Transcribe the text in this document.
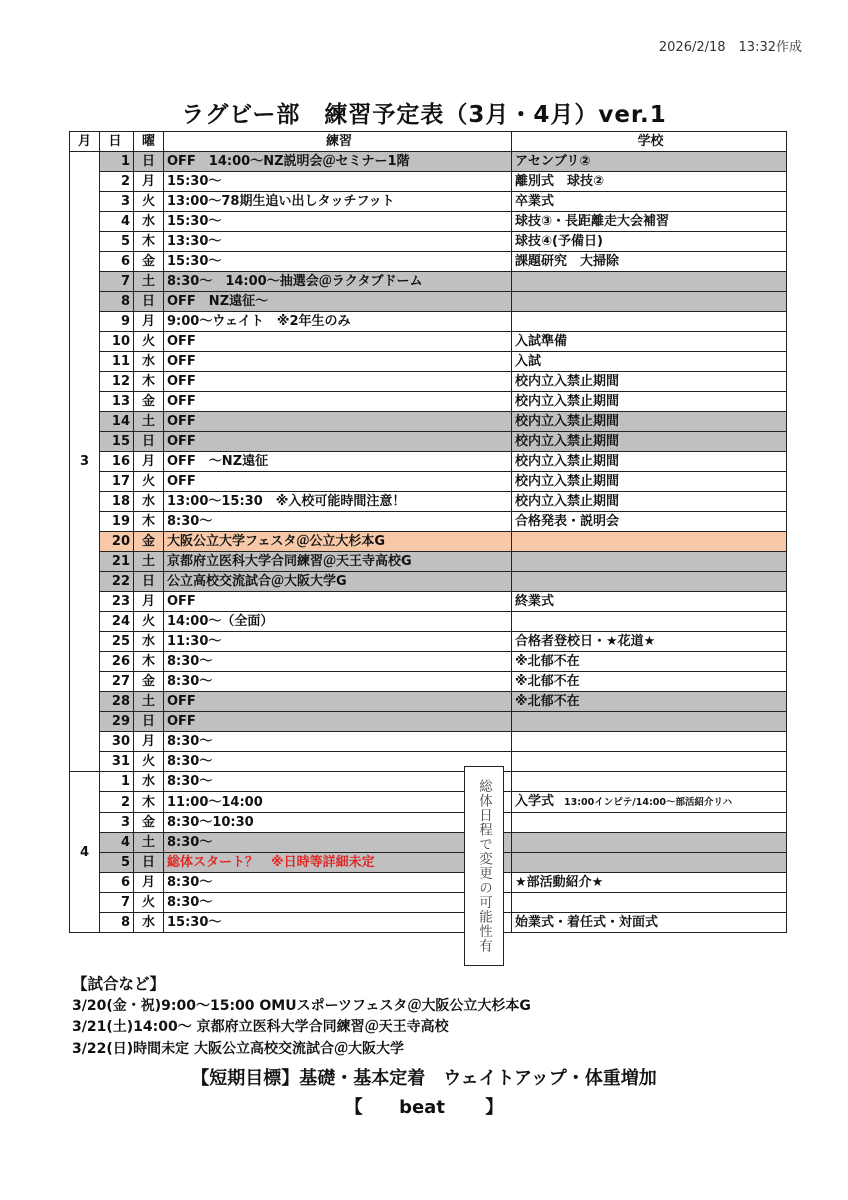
2026/2/18　13:32作成
ラグビー部　練習予定表（3月・4月）ver.1
月	日	曜	練習	学校
3	1	日	OFF　14:00～NZ説明会＠セミナー1階	アセンブリ②
	2	月	15:30～	離別式　球技②
	3	火	13:00～78期生追い出しタッチフット	卒業式
	4	水	15:30～	球技③・長距離走大会補習
	5	木	13:30～	球技④(予備日)
	6	金	15:30～	課題研究　大掃除
	7	土	8:30～　14:00～抽選会＠ラクタブドーム	
	8	日	OFF　NZ遠征～	
	9	月	9:00～ウェイト　※2年生のみ	
	10	火	OFF	入試準備
	11	水	OFF	入試
	12	木	OFF	校内立入禁止期間
	13	金	OFF	校内立入禁止期間
	14	土	OFF	校内立入禁止期間
	15	日	OFF	校内立入禁止期間
	16	月	OFF　～NZ遠征	校内立入禁止期間
	17	火	OFF	校内立入禁止期間
	18	水	13:00～15:30　※入校可能時間注意！	校内立入禁止期間
	19	木	8:30～	合格発表・説明会
	20	金	大阪公立大学フェスタ＠公立大杉本G	
	21	土	京都府立医科大学合同練習＠天王寺高校G	
	22	日	公立高校交流試合＠大阪大学G	
	23	月	OFF	終業式
	24	火	14:00～（全面）	
	25	水	11:30～	合格者登校日・★花道★
	26	木	8:30～	※北郁不在
	27	金	8:30～	※北郁不在
	28	土	OFF	※北郁不在
	29	日	OFF	
	30	月	8:30～	
	31	火	8:30～	
4	1	水	8:30～	
	2	木	11:00～14:00	入学式 13:00インピテ/14:00～部活紹介リハ
	3	金	8:30～10:30	
	4	土	8:30～	
	5	日	総体スタート？　※日時等詳細未定	
	6	月	8:30～	★部活動紹介★
	7	火	8:30～	
	8	水	15:30～	始業式・着任式・対面式
総体日程で変更の可能性有
【試合など】
3/20(金・祝)9:00～15:00 OMUスポーツフェスタ＠大阪公立大杉本G
3/21(土)14:00～ 京都府立医科大学合同練習＠天王寺高校
3/22(日)時間未定 大阪公立高校交流試合＠大阪大学
【短期目標】基礎・基本定着　ウェイトアップ・体重増加
【 beat 】
